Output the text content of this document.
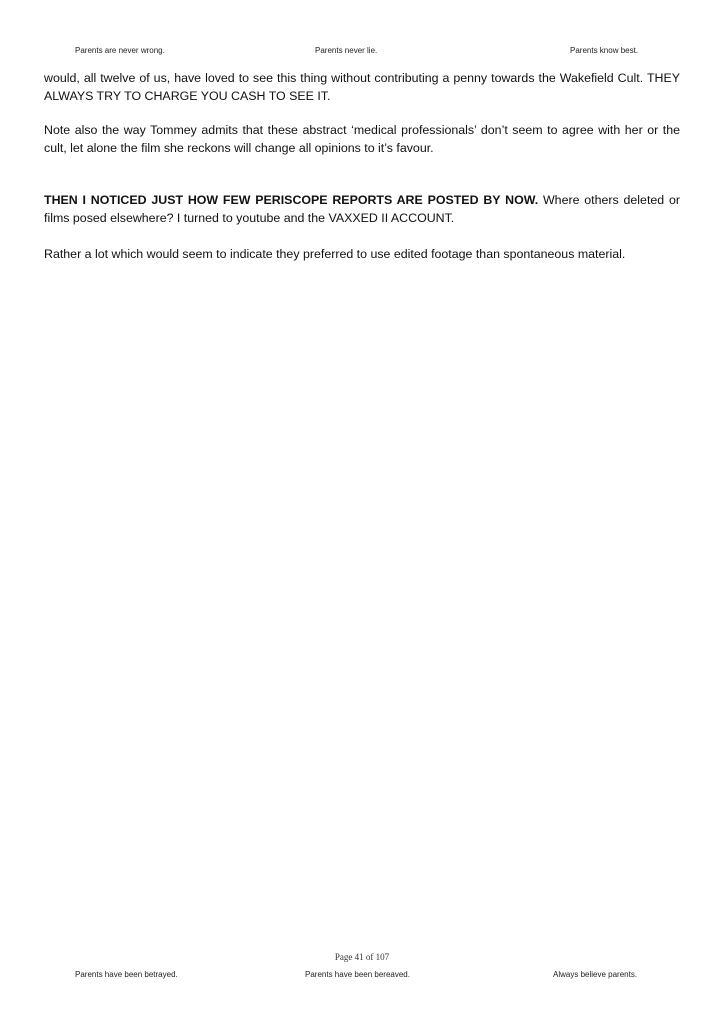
Parents are never wrong.	Parents never lie.	Parents know best.
would, all twelve of us, have loved to see this thing without contributing a penny towards the Wakefield Cult. THEY ALWAYS TRY TO CHARGE YOU CASH TO SEE IT.
Note also the way Tommey admits that these abstract ‘medical professionals’ don’t seem to agree with her or the cult, let alone the film she reckons will change all opinions to it’s favour.
THEN I NOTICED JUST HOW FEW PERISCOPE REPORTS ARE POSTED BY NOW. Where others deleted or films posed elsewhere? I turned to youtube and the VAXXED II ACCOUNT.
Rather a lot which would seem to indicate they preferred to use edited footage than spontaneous material.
Page 41 of 107
Parents have been betrayed.	Parents have been bereaved.	Always believe parents.
